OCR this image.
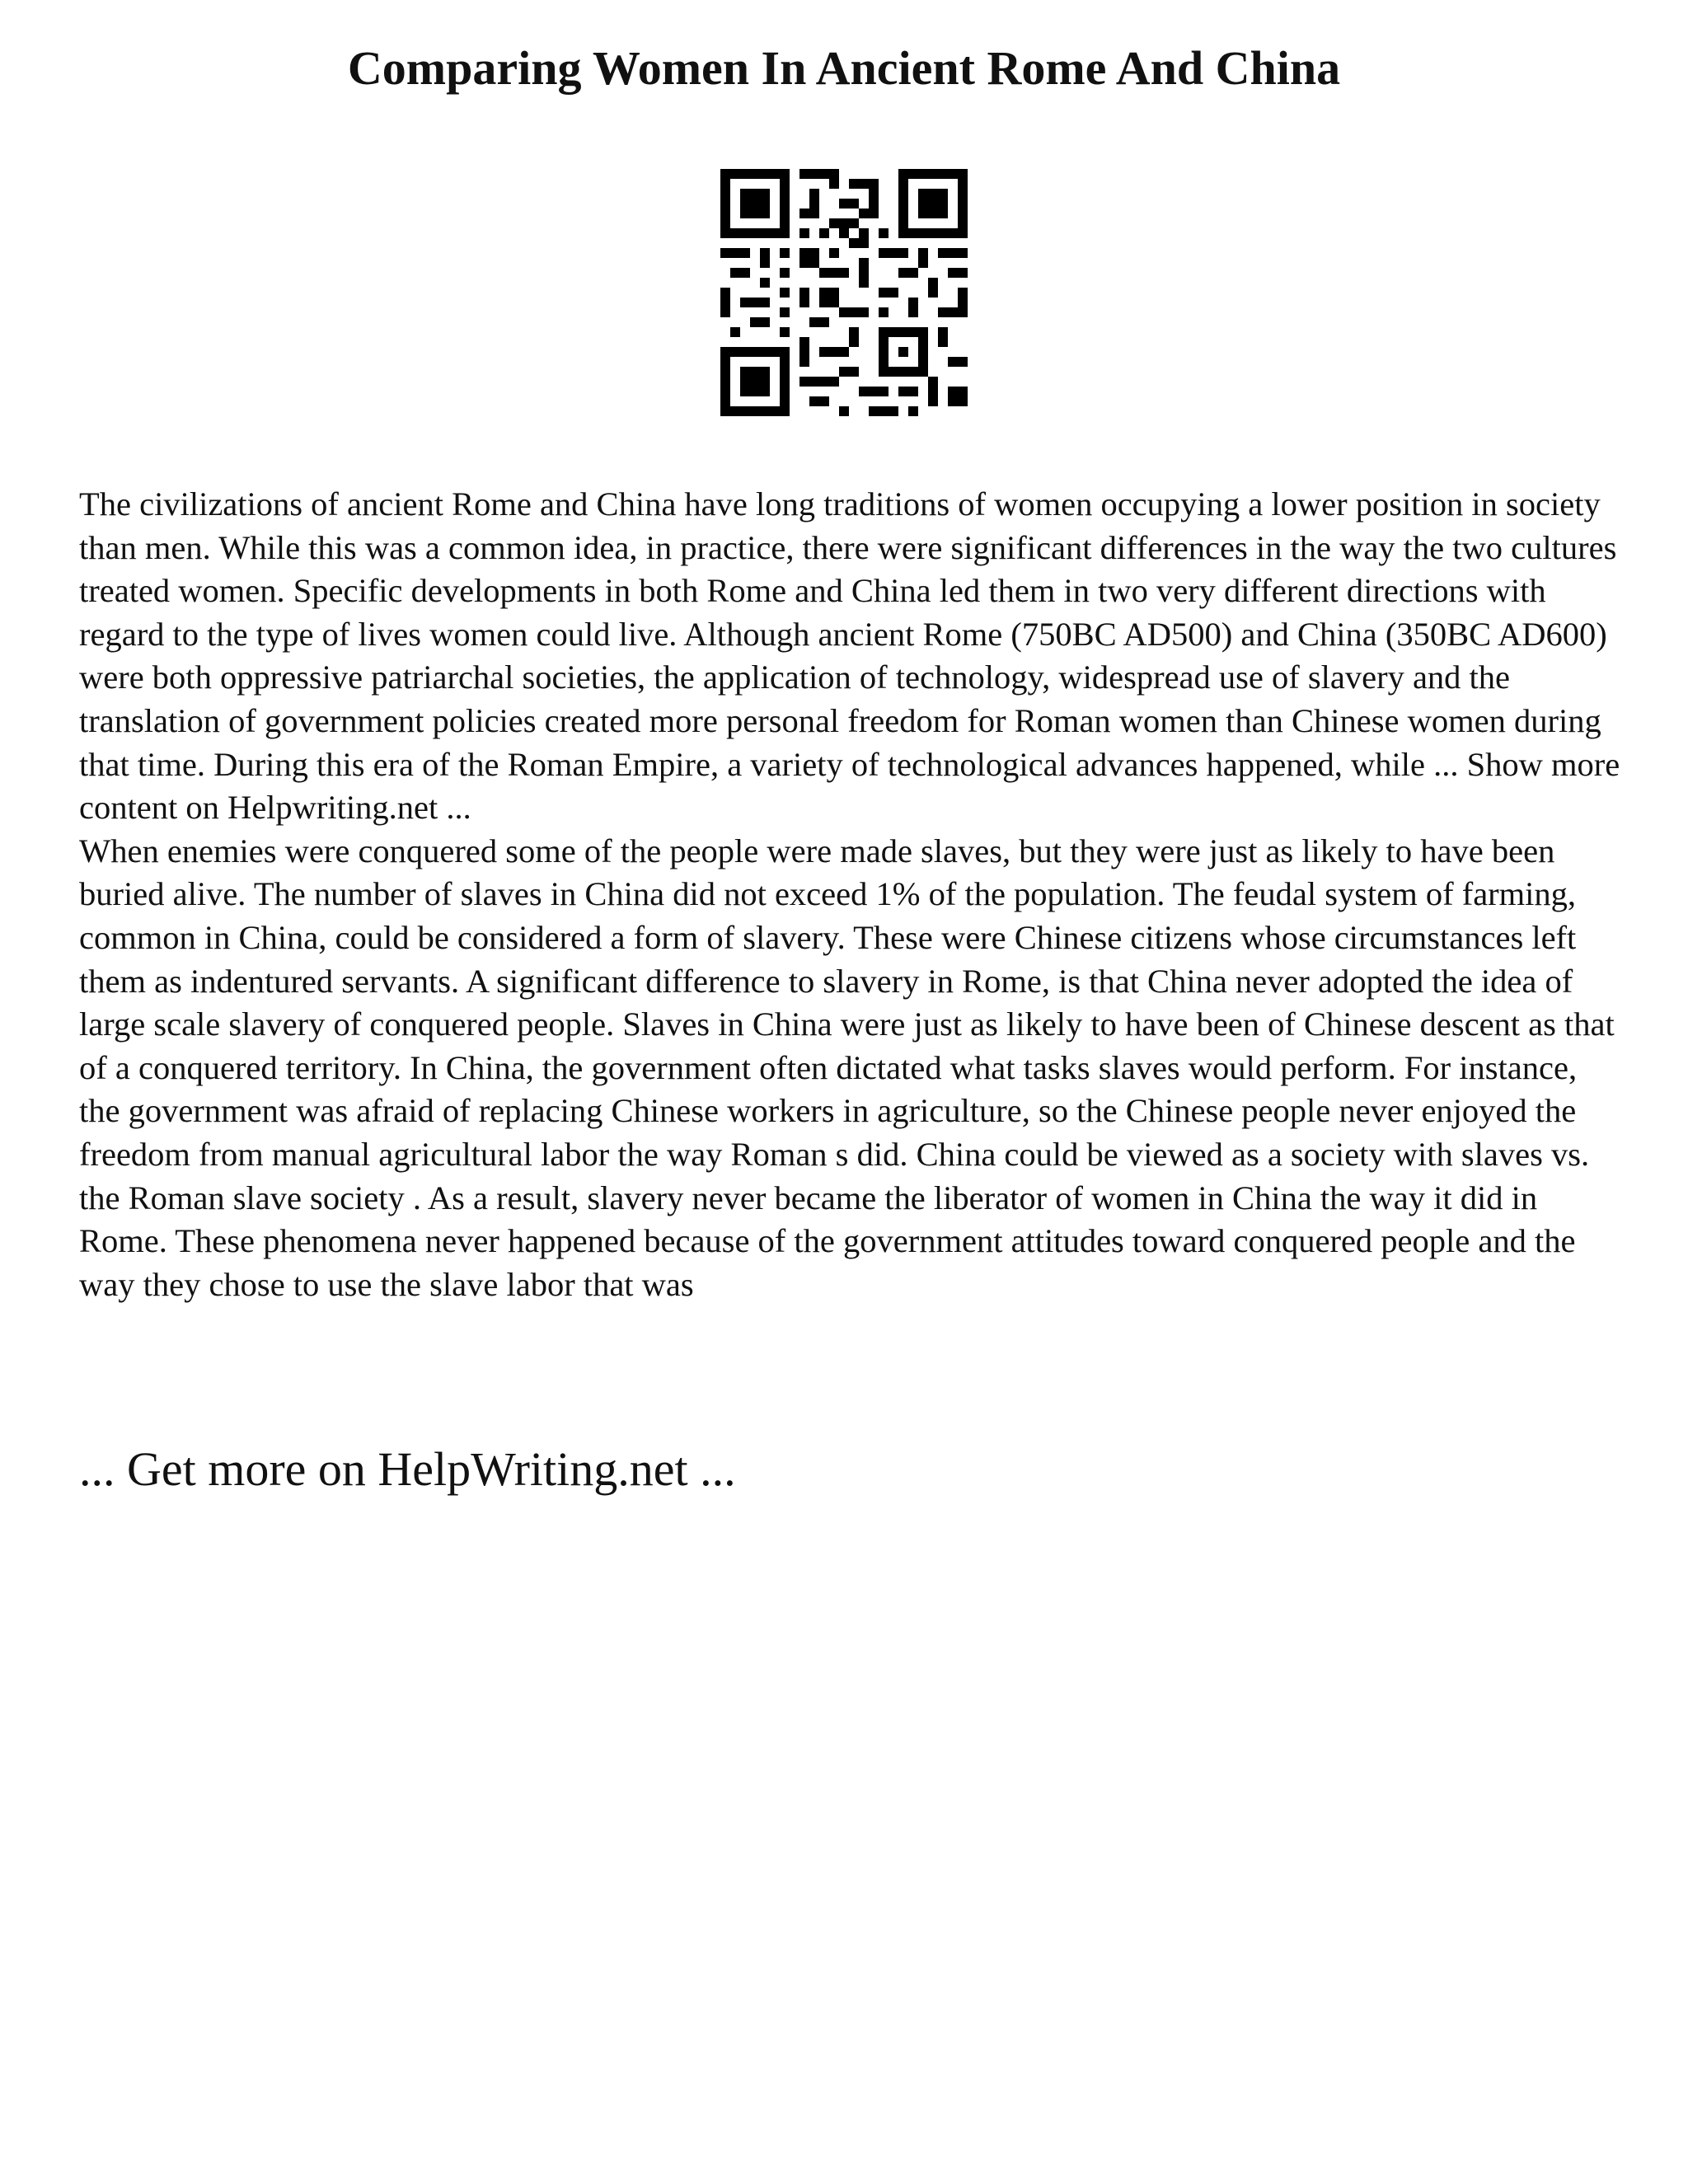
Comparing Women In Ancient Rome And China

The civilizations of ancient Rome and China have long traditions of women occupying a lower position in society than men. While this was a common idea, in practice, there were significant differences in the way the two cultures treated women. Specific developments in both Rome and China led them in two very different directions with regard to the type of lives women could live. Although ancient Rome (750BC AD500) and China (350BC AD600) were both oppressive patriarchal societies, the application of technology, widespread use of slavery and the translation of government policies created more personal freedom for Roman women than Chinese women during that time. During this era of the Roman Empire, a variety of technological advances happened, while ... Show more content on Helpwriting.net ...

When enemies were conquered some of the people were made slaves, but they were just as likely to have been buried alive. The number of slaves in China did not exceed 1% of the population. The feudal system of farming, common in China, could be considered a form of slavery. These were Chinese citizens whose circumstances left them as indentured servants. A significant difference to slavery in Rome, is that China never adopted the idea of large scale slavery of conquered people. Slaves in China were just as likely to have been of Chinese descent as that of a conquered territory. In China, the government often dictated what tasks slaves would perform. For instance, the government was afraid of replacing Chinese workers in agriculture, so the Chinese people never enjoyed the freedom from manual agricultural labor the way Roman s did. China could be viewed as a society with slaves vs. the Roman slave society . As a result, slavery never became the liberator of women in China the way it did in Rome. These phenomena never happened because of the government attitudes toward conquered people and the way they chose to use the slave labor that was

... Get more on HelpWriting.net ...
